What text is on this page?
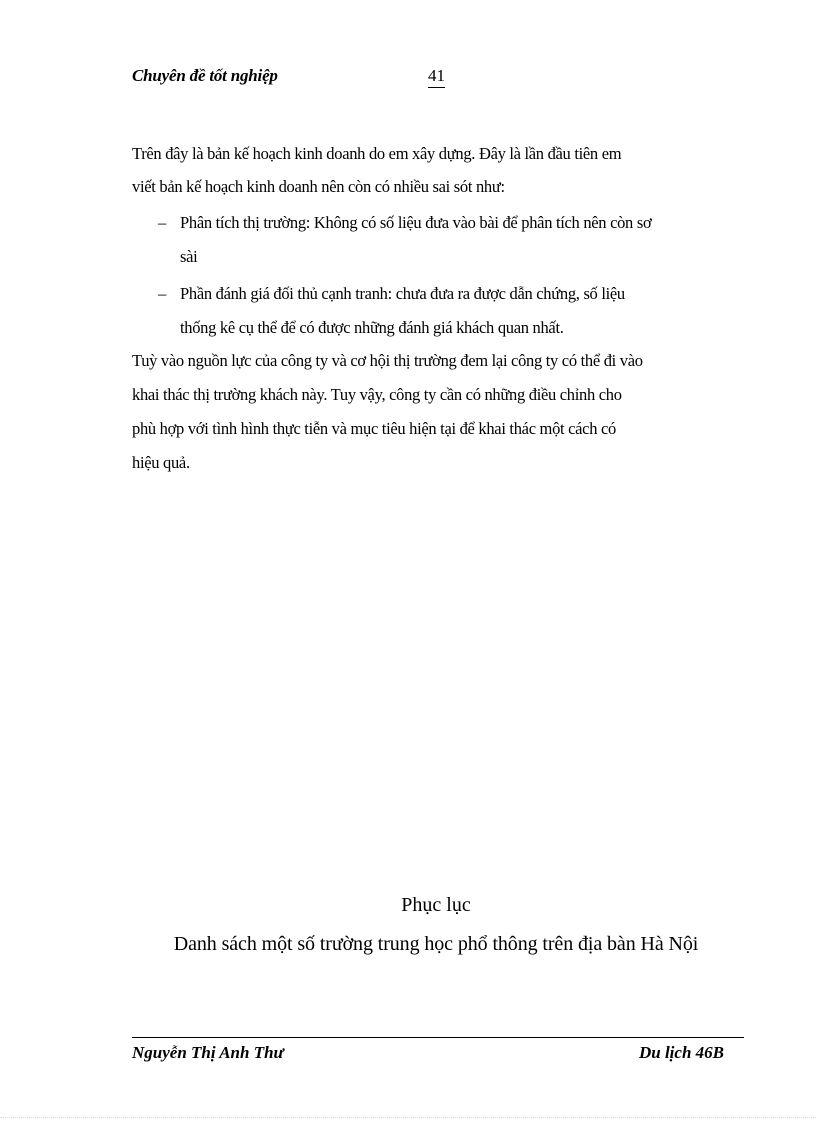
Chuyên đề tốt nghiệp	41
Trên đây là bản kế hoạch kinh doanh do em xây dựng. Đây là lần đầu tiên em
viết bản kế hoạch kinh doanh nên còn có nhiều sai sót như:
– Phân tích thị trường: Không có số liệu đưa vào bài để phân tích nên còn sơ
sài
– Phần đánh giá đối thủ cạnh tranh: chưa đưa ra được dẫn chứng, số liệu
thống kê cụ thể để có được những đánh giá khách quan nhất.
Tuỳ vào nguồn lực của công ty và cơ hội thị trường đem lại công ty có thể đi vào
khai thác thị trường khách này. Tuy vậy, công ty cần có những điều chỉnh cho
phù hợp với tình hình thực tiễn và mục tiêu hiện tại để khai thác một cách có
hiệu quả.
Phục lục
Danh sách một số trường trung học phổ thông trên địa bàn Hà Nội
Nguyễn Thị Anh Thư	Du lịch 46B
